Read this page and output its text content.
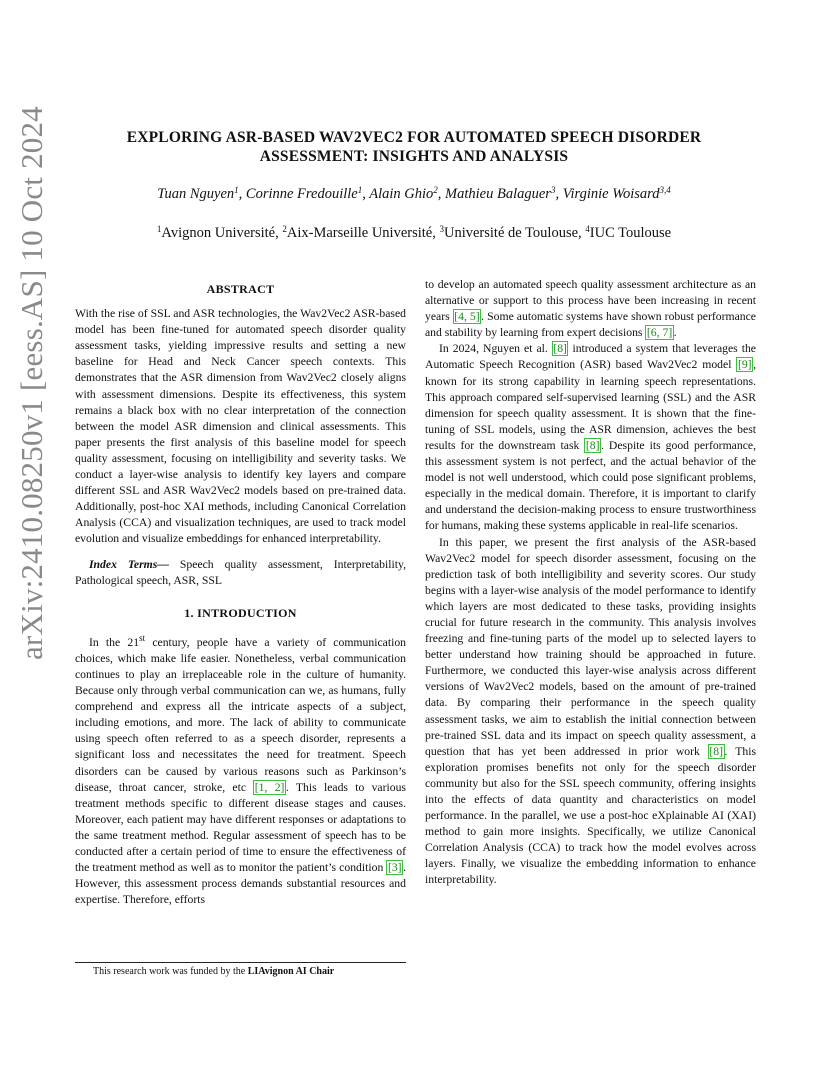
arXiv:2410.08250v1 [eess.AS] 10 Oct 2024	EXPLORING ASR-BASED WAV2VEC2 FOR AUTOMATED SPEECH DISORDER
ASSESSMENT: INSIGHTS AND ANALYSIS
Tuan Nguyen$^1$, Corinne Fredouille$^1$, Alain Ghio$^2$, Mathieu Balaguer$^3$, Virginie Woisard$^{3,4}$
$^1$Avignon Université, $^2$Aix-Marseille Université, $^3$Université de Toulouse, $^4$IUC Toulouse
ABSTRACT

With the rise of SSL and ASR technologies, the Wav2Vec2 ASR-based model has been fine-tuned for automated speech disorder quality assessment tasks, yielding impressive results and setting a new baseline for Head and Neck Cancer speech contexts. This demonstrates that the ASR dimension from Wav2Vec2 closely aligns with assessment dimensions. Despite its effectiveness, this system remains a black box with no clear interpretation of the connection between the model ASR dimension and clinical assessments. This paper presents the first analysis of this baseline model for speech quality assessment, focusing on intelligibility and severity tasks. We conduct a layer-wise analysis to identify key layers and compare different SSL and ASR Wav2Vec2 models based on pre-trained data. Additionally, post-hoc XAI methods, including Canonical Correlation Analysis (CCA) and visualization techniques, are used to track model evolution and visualize embeddings for enhanced interpretability.

Index Terms— Speech quality assessment, Interpretability, Pathological speech, ASR, SSL

1. INTRODUCTION

In the 21st century, people have a variety of communication choices, which make life easier. Nonetheless, verbal communication continues to play an irreplaceable role in the culture of humanity. Because only through verbal communication can we, as humans, fully comprehend and express all the intricate aspects of a subject, including emotions, and more. The lack of ability to communicate using speech often referred to as a speech disorder, represents a significant loss and necessitates the need for treatment. Speech disorders can be caused by various reasons such as Parkinson’s disease, throat cancer, stroke, etc [1, 2] . This leads to various treatment methods specific to different disease stages and causes. Moreover, each patient may have different responses or adaptations to the same treatment method. Regular assessment of speech has to be conducted after a certain period of time to ensure the effectiveness of the treatment method as well as to monitor the patient’s condition [3] . However, this assessment process demands substantial resources and expertise. Therefore, efforts

to develop an automated speech quality assessment architecture as an alternative or support to this process have been increasing in recent years [4, 5] . Some automatic systems have shown robust performance and stability by learning from expert decisions [6, 7] .

In 2024, Nguyen et al. [8] introduced a system that leverages the Automatic Speech Recognition (ASR) based Wav2Vec2 model [9] , known for its strong capability in learning speech representations. This approach compared self-supervised learning (SSL) and the ASR dimension for speech quality assessment. It is shown that the fine-tuning of SSL models, using the ASR dimension, achieves the best results for the downstream task [8] . Despite its good performance, this assessment system is not perfect, and the actual behavior of the model is not well understood, which could pose significant problems, especially in the medical domain. Therefore, it is important to clarify and understand the decision-making process to ensure trustworthiness for humans, making these systems applicable in real-life scenarios.

In this paper, we present the first analysis of the ASR-based Wav2Vec2 model for speech disorder assessment, focusing on the prediction task of both intelligibility and severity scores. Our study begins with a layer-wise analysis of the model performance to identify which layers are most dedicated to these tasks, providing insights crucial for future research in the community. This analysis involves freezing and fine-tuning parts of the model up to selected layers to better understand how training should be approached in future. Furthermore, we conducted this layer-wise analysis across different versions of Wav2Vec2 models, based on the amount of pre-trained data. By comparing their performance in the speech quality assessment tasks, we aim to establish the initial connection between pre-trained SSL data and its impact on speech quality assessment, a question that has yet been addressed in prior work [8] . This exploration promises benefits not only for the speech disorder community but also for the SSL speech community, offering insights into the effects of data quantity and characteristics on model performance. In the parallel, we use a post-hoc eXplainable AI (XAI) method to gain more insights. Specifically, we utilize Canonical Correlation Analysis (CCA) to track how the model evolves across layers. Finally, we visualize the embedding information to enhance interpretability.

This research work was funded by the LIAvignon AI Chair
